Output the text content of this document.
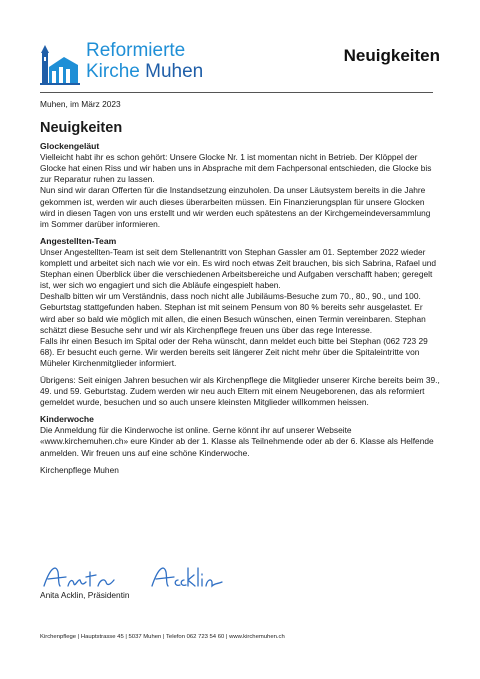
Reformierte
Kirche Muhen
Neuigkeiten

Muhen, im März 2023

Neuigkeiten

Glockengeläut

Vielleicht habt ihr es schon gehört: Unsere Glocke Nr. 1 ist momentan nicht in Betrieb. Der Klöppel der Glocke hat einen Riss und wir haben uns in Absprache mit dem Fachpersonal entschieden, die Glocke bis zur Reparatur ruhen zu lassen.

Nun sind wir daran Offerten für die Instandsetzung einzuholen. Da unser Läutsystem bereits in die Jahre gekommen ist, werden wir auch dieses überarbeiten müssen. Ein Finanzierungsplan für unsere Glocken wird in diesen Tagen von uns erstellt und wir werden euch spätestens an der Kirchgemeindeversammlung im Sommer darüber informieren.

Angestellten-Team

Unser Angestellten-Team ist seit dem Stellenantritt von Stephan Gassler am 01. September 2022 wieder komplett und arbeitet sich nach wie vor ein. Es wird noch etwas Zeit brauchen, bis sich Sabrina, Rafael und Stephan einen Überblick über die verschiedenen Arbeitsbereiche und Aufgaben verschafft haben; geregelt ist, wer sich wo engagiert und sich die Abläufe eingespielt haben.

Deshalb bitten wir um Verständnis, dass noch nicht alle Jubiläums-Besuche zum 70., 80., 90., und 100. Geburtstag stattgefunden haben. Stephan ist mit seinem Pensum von 80 % bereits sehr ausgelastet. Er wird aber so bald wie möglich mit allen, die einen Besuch wünschen, einen Termin vereinbaren. Stephan schätzt diese Besuche sehr und wir als Kirchenpflege freuen uns über das rege Interesse.

Falls ihr einen Besuch im Spital oder der Reha wünscht, dann meldet euch bitte bei Stephan (062 723 29 68). Er besucht euch gerne. Wir werden bereits seit längerer Zeit nicht mehr über die Spitaleintritte von Müheler Kirchenmitglieder informiert.

Übrigens: Seit einigen Jahren besuchen wir als Kirchenpflege die Mitglieder unserer Kirche bereits beim 39., 49. und 59. Geburtstag. Zudem werden wir neu auch Eltern mit einem Neugeborenen, das als reformiert gemeldet wurde, besuchen und so auch unsere kleinsten Mitglieder willkommen heissen.

Kinderwoche

Die Anmeldung für die Kinderwoche ist online. Gerne könnt ihr auf unserer Webseite «www.kirchemuhen.ch» eure Kinder ab der 1. Klasse als Teilnehmende oder ab der 6. Klasse als Helfende anmelden. Wir freuen uns auf eine schöne Kinderwoche.

Kirchenpflege Muhen

Anita Acklin, Präsidentin
Kirchenpflege | Hauptstrasse 45 | 5037 Muhen | Telefon 062 723 54 60 | www.kirchemuhen.ch
